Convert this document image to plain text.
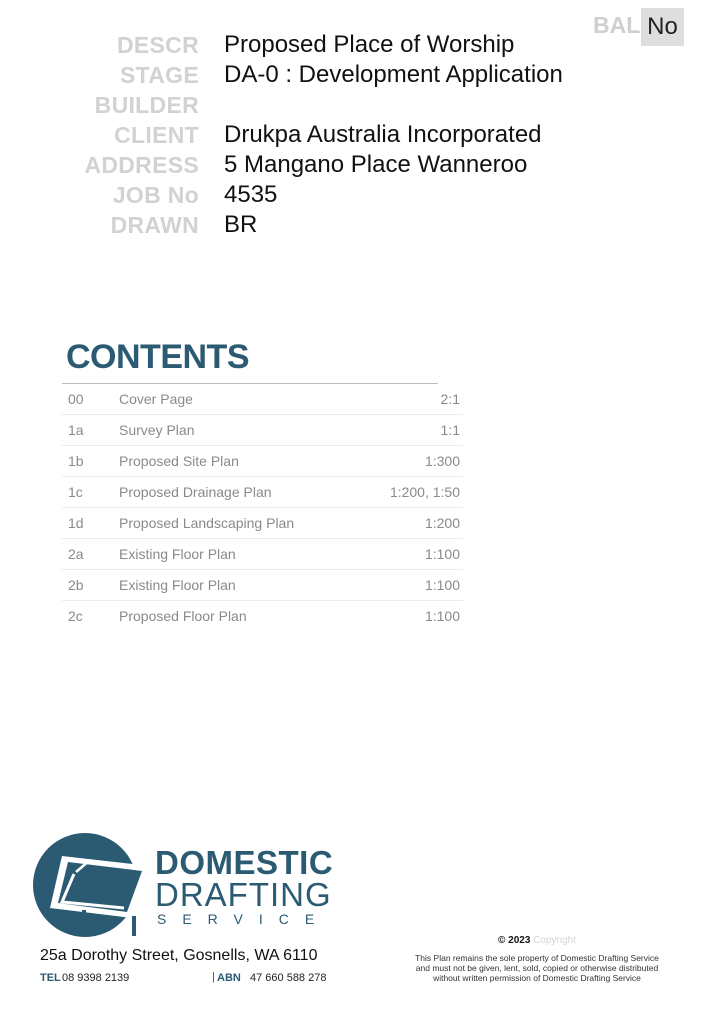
BAL No
DESCR Proposed Place of Worship
STAGE DA-0 : Development Application
BUILDER
CLIENT Drukpa Australia Incorporated
ADDRESS 5 Mangano Place Wanneroo
JOB No 4535
DRAWN BR
CONTENTS
00	Cover Page	2:1
1a	Survey Plan	1:1
1b	Proposed Site Plan	1:300
1c	Proposed Drainage Plan	1:200, 1:50
1d	Proposed Landscaping Plan	1:200
2a	Existing Floor Plan	1:100
2b	Existing Floor Plan	1:100
2c	Proposed Floor Plan	1:100
DOMESTIC
DRAFTING
SERVICE
25a Dorothy Street, Gosnells, WA 6110
TEL 08 9398 2139	| ABN 47 660 588 278
© 2023 Copyright
This Plan remains the sole property of Domestic Drafting Service
and must not be given, lent, sold, copied or otherwise distributed
without written permission of Domestic Drafting Service
